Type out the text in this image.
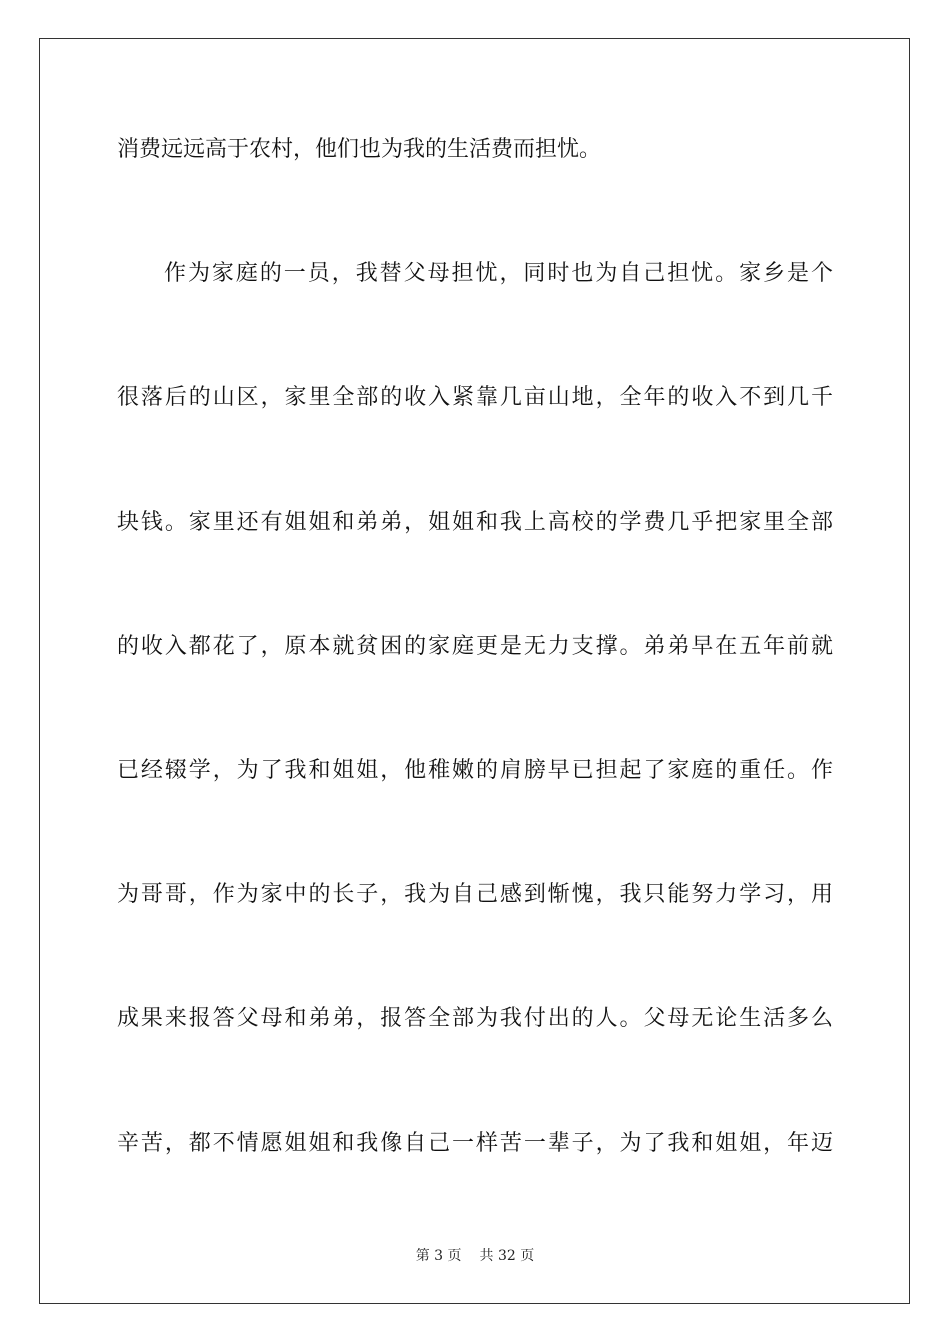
消费远远高于农村，他们也为我的生活费而担忧。
作为家庭的一员，我替父母担忧，同时也为自己担忧。家乡是个
很落后的山区，家里全部的收入紧靠几亩山地，全年的收入不到几千
块钱。家里还有姐姐和弟弟，姐姐和我上高校的学费几乎把家里全部
的收入都花了，原本就贫困的家庭更是无力支撑。弟弟早在五年前就
已经辍学，为了我和姐姐，他稚嫩的肩膀早已担起了家庭的重任。作
为哥哥，作为家中的长子，我为自己感到惭愧，我只能努力学习，用
成果来报答父母和弟弟，报答全部为我付出的人。父母无论生活多么
辛苦，都不情愿姐姐和我像自己一样苦一辈子，为了我和姐姐，年迈
第 3 页 共 32 页
